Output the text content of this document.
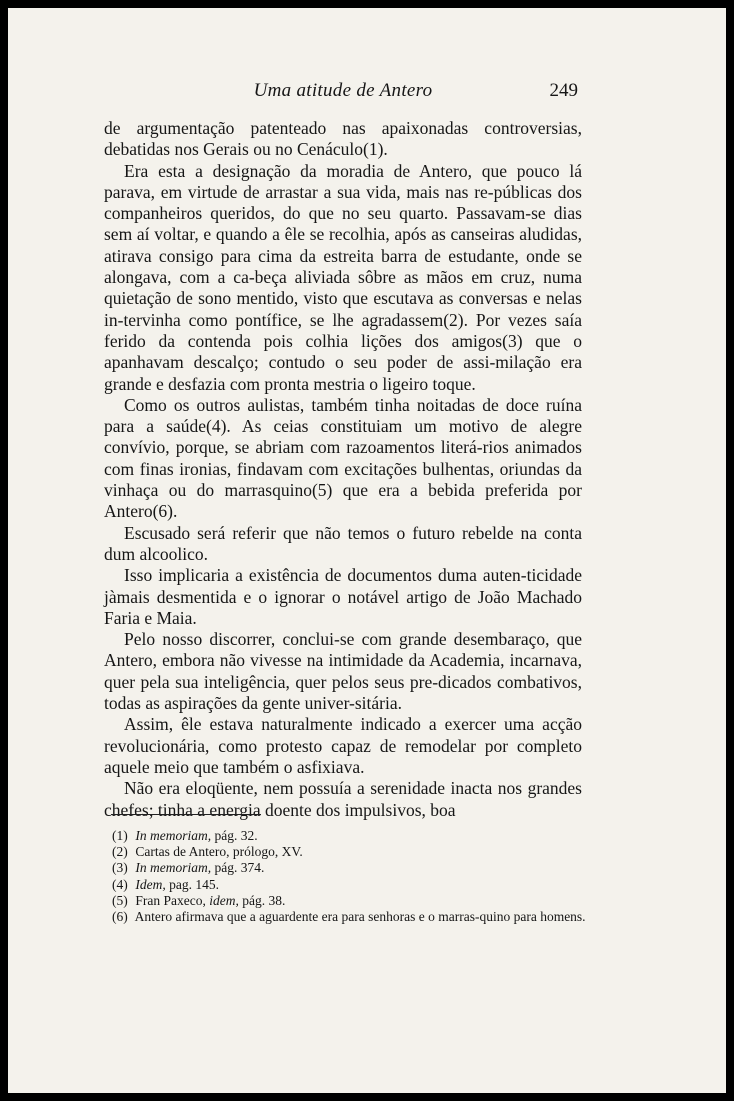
Uma atitude de Antero	249

de argumentação patenteado nas apaixonadas controversias, debatidas nos Gerais ou no Cenáculo(1).

Era esta a designação da moradia de Antero, que pouco lá parava, em virtude de arrastar a sua vida, mais nas re-públicas dos companheiros queridos, do que no seu quarto. Passavam-se dias sem aí voltar, e quando a êle se recolhia, após as canseiras aludidas, atirava consigo para cima da estreita barra de estudante, onde se alongava, com a ca-beça aliviada sôbre as mãos em cruz, numa quietação de sono mentido, visto que escutava as conversas e nelas in-tervinha como pontífice, se lhe agradassem(2). Por vezes saía ferido da contenda pois colhia lições dos amigos(3) que o apanhavam descalço; contudo o seu poder de assi-milação era grande e desfazia com pronta mestria o ligeiro toque.

Como os outros aulistas, também tinha noitadas de doce ruína para a saúde(4). As ceias constituiam um motivo de alegre convívio, porque, se abriam com razoamentos literá-rios animados com finas ironias, findavam com excitações bulhentas, oriundas da vinhaça ou do marrasquino(5) que era a bebida preferida por Antero(6).

Escusado será referir que não temos o futuro rebelde na conta dum alcoolico.

Isso implicaria a existência de documentos duma auten-ticidade jàmais desmentida e o ignorar o notável artigo de João Machado Faria e Maia.

Pelo nosso discorrer, conclui-se com grande desembaraço, que Antero, embora não vivesse na intimidade da Academia, incarnava, quer pela sua inteligência, quer pelos seus pre-dicados combativos, todas as aspirações da gente univer-sitária.

Assim, êle estava naturalmente indicado a exercer uma acção revolucionária, como protesto capaz de remodelar por completo aquele meio que também o asfixiava.

Não era eloqüente, nem possuía a serenidade inacta nos grandes chefes; tinha a energia doente dos impulsivos, boa

(1) In memoriam, pág. 32.
(2) Cartas de Antero, prólogo, XV.
(3) In memoriam, pág. 374.
(4) Idem, pag. 145.
(5) Fran Paxeco, idem, pág. 38.
(6) Antero afirmava que a aguardente era para senhoras e o marras-quino para homens.
